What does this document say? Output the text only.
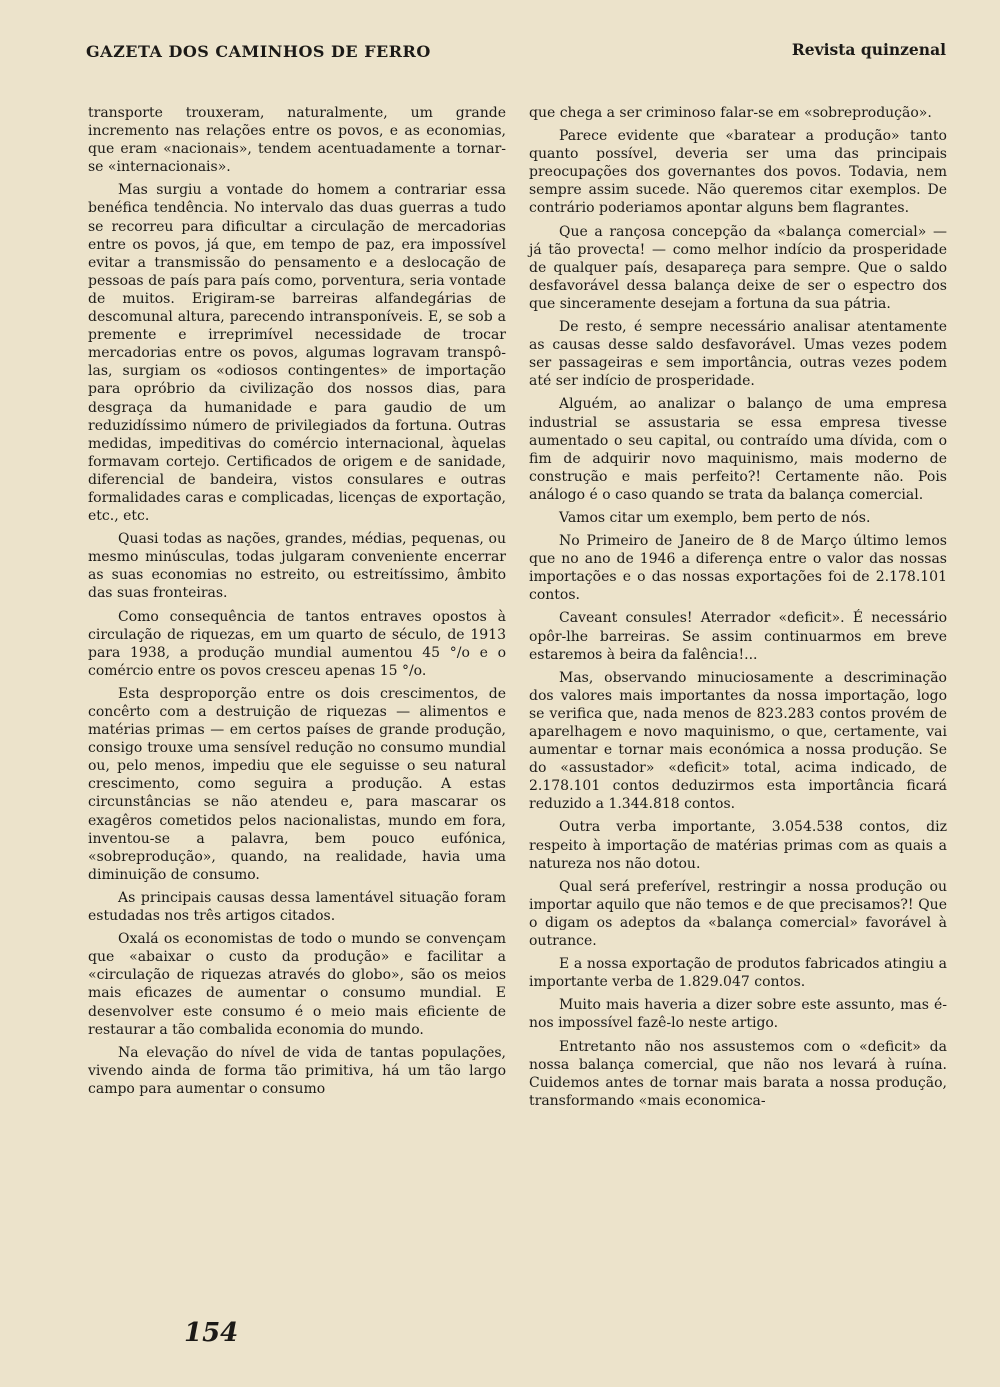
GAZETA DOS CAMINHOS DE FERRO	Revista quinzenal

transporte trouxeram, naturalmente, um grande incremento nas relações entre os povos, e as economias, que eram «nacionais», tendem acentuadamente a tornar-se «internacionais».

Mas surgiu a vontade do homem a contrariar essa benéfica tendência. No intervalo das duas guerras a tudo se recorreu para dificultar a circulação de mercadorias entre os povos, já que, em tempo de paz, era impossível evitar a transmissão do pensamento e a deslocação de pessoas de país para país como, porventura, seria vontade de muitos. Erigiram-se barreiras alfandegárias de descomunal altura, parecendo intransponíveis. E, se sob a premente e irreprimível necessidade de trocar mercadorias entre os povos, algumas logravam transpô-las, surgiam os «odiosos contingentes» de importação para opróbrio da civilização dos nossos dias, para desgraça da humanidade e para gaudio de um reduzidíssimo número de privilegiados da fortuna. Outras medidas, impeditivas do comércio internacional, àquelas formavam cortejo. Certificados de origem e de sanidade, diferencial de bandeira, vistos consulares e outras formalidades caras e complicadas, licenças de exportação, etc., etc.

Quasi todas as nações, grandes, médias, pequenas, ou mesmo minúsculas, todas julgaram conveniente encerrar as suas economias no estreito, ou estreitíssimo, âmbito das suas fronteiras.

Como consequência de tantos entraves opostos à circulação de riquezas, em um quarto de século, de 1913 para 1938, a produção mundial aumentou 45 °/o e o comércio entre os povos cresceu apenas 15 °/o.

Esta desproporção entre os dois crescimentos, de concêrto com a destruição de riquezas — alimentos e matérias primas — em certos países de grande produção, consigo trouxe uma sensível redução no consumo mundial ou, pelo menos, impediu que ele seguisse o seu natural crescimento, como seguira a produção. A estas circunstâncias se não atendeu e, para mascarar os exagêros cometidos pelos nacionalistas, mundo em fora, inventou-se a palavra, bem pouco eufónica, «sobreprodução», quando, na realidade, havia uma diminuição de consumo.

As principais causas dessa lamentável situação foram estudadas nos três artigos citados.

Oxalá os economistas de todo o mundo se convençam que «abaixar o custo da produção» e facilitar a «circulação de riquezas através do globo», são os meios mais eficazes de aumentar o consumo mundial. E desenvolver este consumo é o meio mais eficiente de restaurar a tão combalida economia do mundo.

Na elevação do nível de vida de tantas populações, vivendo ainda de forma tão primitiva, há um tão largo campo para aumentar o consumo

que chega a ser criminoso falar-se em «sobreprodução».

Parece evidente que «baratear a produção» tanto quanto possível, deveria ser uma das principais preocupações dos governantes dos povos. Todavia, nem sempre assim sucede. Não queremos citar exemplos. De contrário poderiamos apontar alguns bem flagrantes.

Que a rançosa concepção da «balança comercial» — já tão provecta! — como melhor indício da prosperidade de qualquer país, desapareça para sempre. Que o saldo desfavorável dessa balança deixe de ser o espectro dos que sinceramente desejam a fortuna da sua pátria.

De resto, é sempre necessário analisar atentamente as causas desse saldo desfavorável. Umas vezes podem ser passageiras e sem importância, outras vezes podem até ser indício de prosperidade.

Alguém, ao analizar o balanço de uma empresa industrial se assustaria se essa empresa tivesse aumentado o seu capital, ou contraído uma dívida, com o fim de adquirir novo maquinismo, mais moderno de construção e mais perfeito?! Certamente não. Pois análogo é o caso quando se trata da balança comercial.

Vamos citar um exemplo, bem perto de nós.

No Primeiro de Janeiro de 8 de Março último lemos que no ano de 1946 a diferença entre o valor das nossas importações e o das nossas exportações foi de 2.178.101 contos.

Caveant consules! Aterrador «deficit». É necessário opôr-lhe barreiras. Se assim continuarmos em breve estaremos à beira da falência!...

Mas, observando minuciosamente a descriminação dos valores mais importantes da nossa importação, logo se verifica que, nada menos de 823.283 contos provém de aparelhagem e novo maquinismo, o que, certamente, vai aumentar e tornar mais económica a nossa produção. Se do «assustador» «deficit» total, acima indicado, de 2.178.101 contos deduzirmos esta importância ficará reduzido a 1.344.818 contos.

Outra verba importante, 3.054.538 contos, diz respeito à importação de matérias primas com as quais a natureza nos não dotou.

Qual será preferível, restringir a nossa produção ou importar aquilo que não temos e de que precisamos?! Que o digam os adeptos da «balança comercial» favorável à outrance.

E a nossa exportação de produtos fabricados atingiu a importante verba de 1.829.047 contos.

Muito mais haveria a dizer sobre este assunto, mas é-nos impossível fazê-lo neste artigo.

Entretanto não nos assustemos com o «deficit» da nossa balança comercial, que não nos levará à ruína. Cuidemos antes de tornar mais barata a nossa produção, transformando «mais economica-

154
